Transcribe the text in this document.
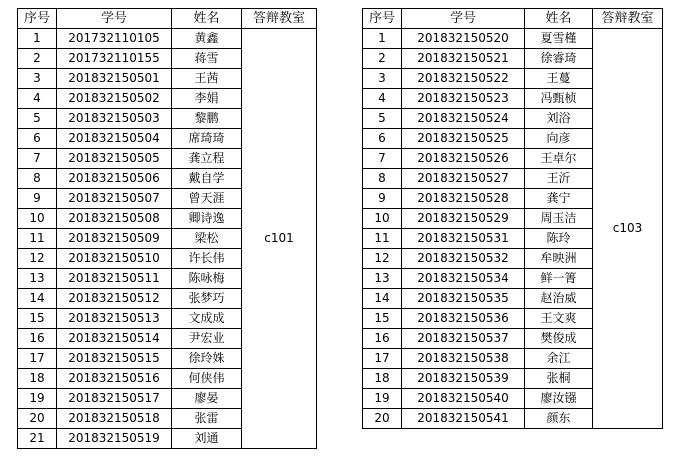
序号	学号	姓名	答辩教室
1	201732110105	黄鑫	c101
2	201732110155	蒋雪	
3	201832150501	王茜	
4	201832150502	李娟	
5	201832150503	黎鹏	
6	201832150504	席琦琦	
7	201832150505	龚立程	
8	201832150506	戴自学	
9	201832150507	曾天涯	
10	201832150508	卿诗逸	
11	201832150509	梁松	
12	201832150510	许长伟	
13	201832150511	陈咏梅	
14	201832150512	张梦巧	
15	201832150513	文成成	
16	201832150514	尹宏业	
17	201832150515	徐玲姝	
18	201832150516	何侠伟	
19	201832150517	廖晏	
20	201832150518	张雷	
21	201832150519	刘通	
序号	学号	姓名	答辩教室
1	201832150520	夏雪槿	c103
2	201832150521	徐睿琦	
3	201832150522	王蔓	
4	201832150523	冯甄桢	
5	201832150524	刘浴	
6	201832150525	向彦	
7	201832150526	王卓尔	
8	201832150527	王沂	
9	201832150528	龚宁	
10	201832150529	周玉洁	
11	201832150531	陈玲	
12	201832150532	牟映洲	
13	201832150534	鲜一箐	
14	201832150535	赵治威	
15	201832150536	王文爽	
16	201832150537	樊俊成	
17	201832150538	余江	
18	201832150539	张桐	
19	201832150540	廖汝镪	
20	201832150541	颜东	
